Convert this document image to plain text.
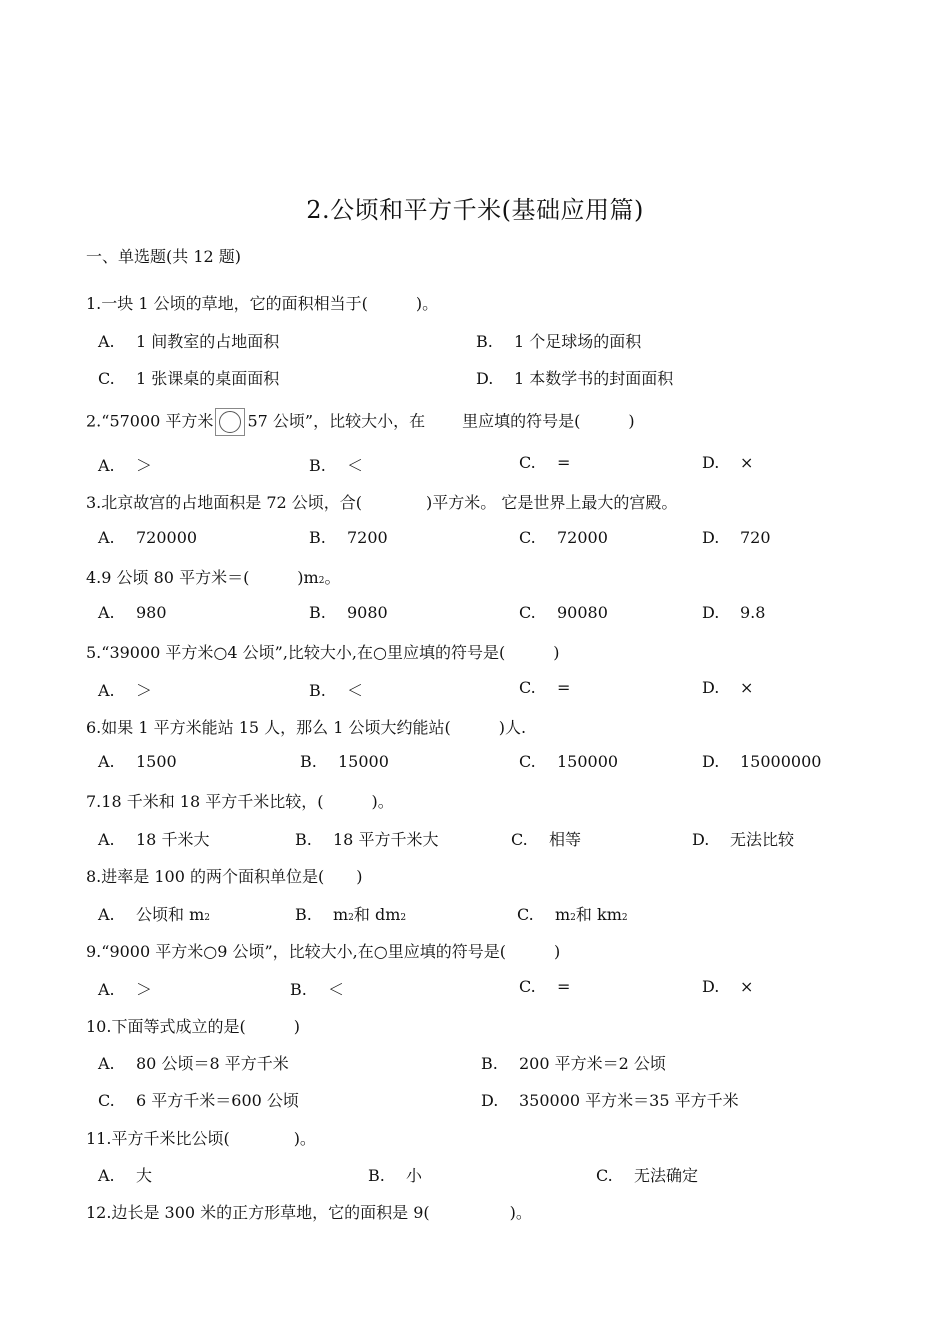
2.公顷和平方千米(基础应用篇)
一、单选题(共 12 题)
1.一块 1 公顷的草地，它的面积相当于(　　　)。
A. 1 间教室的占地面积	B. 1 个足球场的面积
C. 1 张课桌的桌面面积	D. 1 本数学书的封面面积
2.“57000 平方米 57 公顷”，比较大小，在　　 里应填的符号是(　　　)
A. ＞	B. ＜	C. =	D. ×
3.北京故宫的占地面积是 72 公顷，合(　　　　)平方米。 它是世界上最大的宫殿。
A. 720000	B. 7200	C. 72000	D. 720
4.9 公顷 80 平方米＝(　　　)m2。
A. 980	B. 9080	C. 90080	D. 9.8
5.“39000 平方米○4 公顷”,比较大小,在○里应填的符号是(　　　)
A. ＞	B. ＜	C. =	D. ×
6.如果 1 平方米能站 15 人，那么 1 公顷大约能站(　　　)人.
A. 1500	B. 15000	C. 150000	D. 15000000
7.18 千米和 18 平方千米比较，(　　　)。
A. 18 千米大	B. 18 平方千米大	C. 相等	D. 无法比较
8.进率是 100 的两个面积单位是(　　)
A. 公顷和 m2	B. m2和 dm2	C. m2和 km2
9.“9000 平方米○9 公顷”，比较大小,在○里应填的符号是(　　　)
A. ＞	B. ＜	C. =	D. ×
10.下面等式成立的是(　　　)
A. 80 公顷＝8 平方千米	B. 200 平方米＝2 公顷
C. 6 平方千米＝600 公顷	D. 350000 平方米＝35 平方千米
11.平方千米比公顷(　　　　)。
A. 大	B. 小	C. 无法确定
12.边长是 300 米的正方形草地，它的面积是 9(　　　　　)。
